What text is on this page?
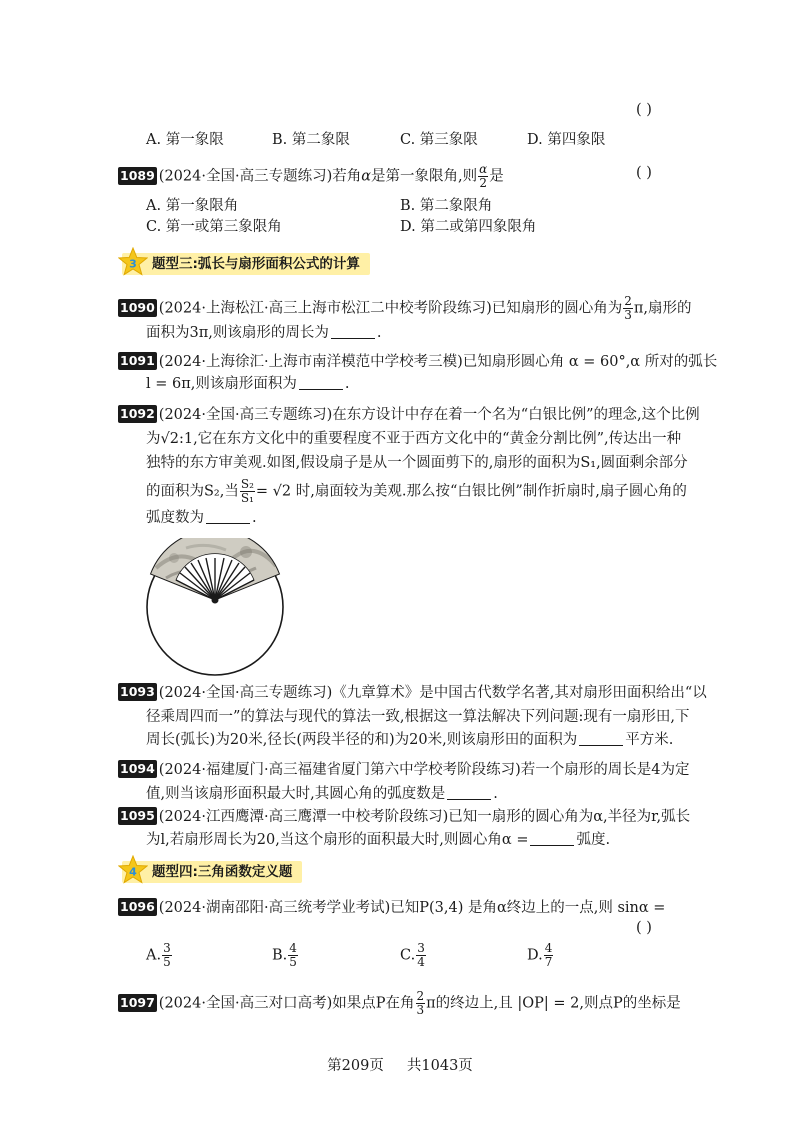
( )
A. 第一象限	B. 第二象限	C. 第三象限	D. 第四象限
1089 (2024·全国·高三专题练习)若角α是第一象限角,则 $\frac{\alpha}{2}$ 是	( )
A. 第一象限角	B. 第二象限角
C. 第一或第三象限角	D. 第二或第四象限角
3 题型三:弧长与扇形面积公式的计算
1090 (2024·上海松江·高三上海市松江二中校考阶段练习)已知扇形的圆心角为 $\frac{2}{3} \pi$,扇形的
面积为3π,则该扇形的周长为	.
1091 (2024·上海徐汇·上海市南洋模范中学校考三模)已知扇形圆心角 α = 60°,α 所对的弧长
l = 6π,则该扇形面积为	.
1092 (2024·全国·高三专题练习)在东方设计中存在着一个名为“白银比例”的理念,这个比例
为√2:1,它在东方文化中的重要程度不亚于西方文化中的“黄金分割比例”,传达出一种
独特的东方审美观.如图,假设扇子是从一个圆面剪下的,扇形的面积为S₁,圆面剩余部分
的面积为S₂,当 $\frac{\text{S₂}}{\text{S₁}} = √2$ 时,扇面较为美观.那么按“白银比例”制作折扇时,扇子圆心角的
弧度数为	.
1093 (2024·全国·高三专题练习)《九章算术》是中国古代数学名著,其对扇形田面积给出“以
径乘周四而一”的算法与现代的算法一致,根据这一算法解决下列问题:现有一扇形田,下
周长(弧长)为20米,径长(两段半径的和)为20米,则该扇形田的面积为	平方米.
1094 (2024·福建厦门·高三福建省厦门第六中学校考阶段练习)若一个扇形的周长是4为定
值,则当该扇形面积最大时,其圆心角的弧度数是	.
1095 (2024·江西鹰潭·高三鹰潭一中校考阶段练习)已知一扇形的圆心角为α,半径为r,弧长
为l,若扇形周长为20,当这个扇形的面积最大时,则圆心角α =	弧度.
4 题型四:三角函数定义题
1096 (2024·湖南邵阳·高三统考学业考试)已知P(3,4) 是角α终边上的一点,则 sinα =
( )
A. $\frac{3}{5}$	B. $\frac{4}{5}$	C. $\frac{3}{4}$	D. $\frac{4}{7}$
1097 (2024·全国·高三对口高考)如果点P在角 $\frac{2}{3}$ π的终边上,且 |OP| = 2,则点P的坐标是
第209页 共1043页
